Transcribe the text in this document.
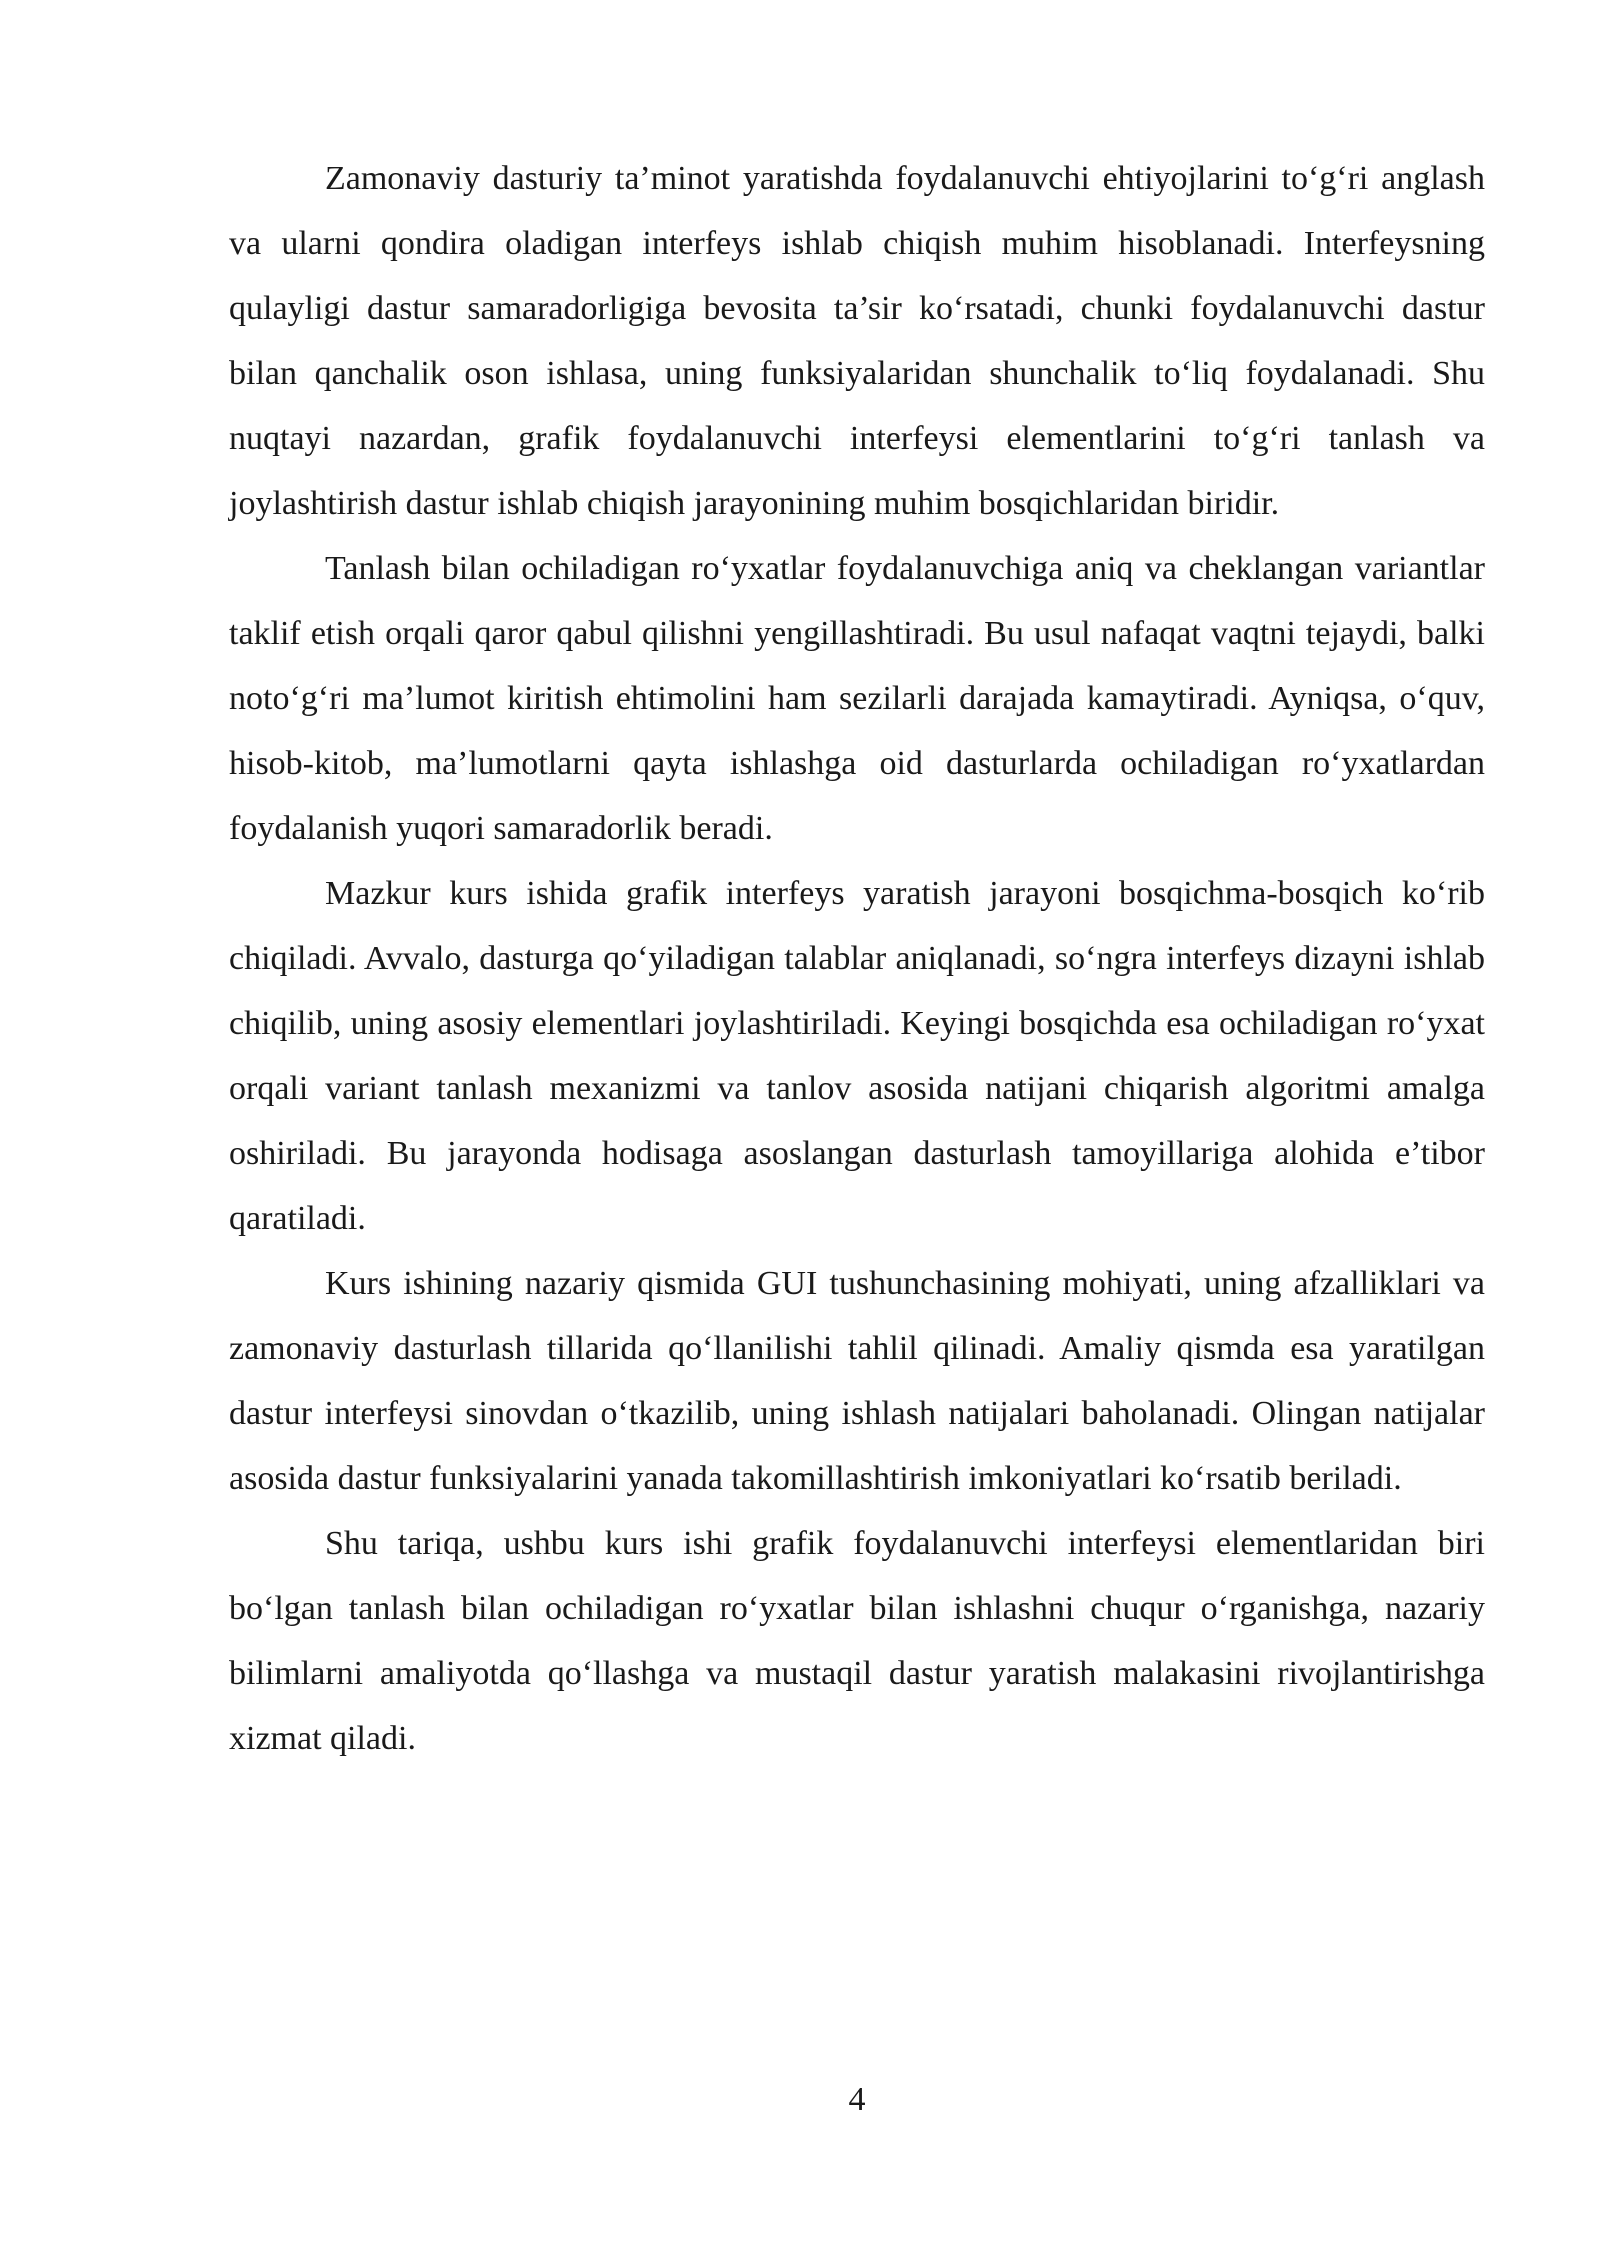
Zamonaviy dasturiy ta’minot yaratishda foydalanuvchi ehtiyojlarini to‘g‘ri anglash va ularni qondira oladigan interfeys ishlab chiqish muhim hisoblanadi. Interfeysning qulayligi dastur samaradorligiga bevosita ta’sir ko‘rsatadi, chunki foydalanuvchi dastur bilan qanchalik oson ishlasa, uning funksiyalaridan shunchalik to‘liq foydalanadi. Shu nuqtayi nazardan, grafik foydalanuvchi interfeysi elementlarini to‘g‘ri tanlash va joylashtirish dastur ishlab chiqish jarayonining muhim bosqichlaridan biridir.

Tanlash bilan ochiladigan ro‘yxatlar foydalanuvchiga aniq va cheklangan variantlar taklif etish orqali qaror qabul qilishni yengillashtiradi. Bu usul nafaqat vaqtni tejaydi, balki noto‘g‘ri ma’lumot kiritish ehtimolini ham sezilarli darajada kamaytiradi. Ayniqsa, o‘quv, hisob-kitob, ma’lumotlarni qayta ishlashga oid dasturlarda ochiladigan ro‘yxatlardan foydalanish yuqori samaradorlik beradi.

Mazkur kurs ishida grafik interfeys yaratish jarayoni bosqichma-bosqich ko‘rib chiqiladi. Avvalo, dasturga qo‘yiladigan talablar aniqlanadi, so‘ngra interfeys dizayni ishlab chiqilib, uning asosiy elementlari joylashtiriladi. Keyingi bosqichda esa ochiladigan ro‘yxat orqali variant tanlash mexanizmi va tanlov asosida natijani chiqarish algoritmi amalga oshiriladi. Bu jarayonda hodisaga asoslangan dasturlash tamoyillariga alohida e’tibor qaratiladi.

Kurs ishining nazariy qismida GUI tushunchasining mohiyati, uning afzalliklari va zamonaviy dasturlash tillarida qo‘llanilishi tahlil qilinadi. Amaliy qismda esa yaratilgan dastur interfeysi sinovdan o‘tkazilib, uning ishlash natijalari baholanadi. Olingan natijalar asosida dastur funksiyalarini yanada takomillashtirish imkoniyatlari ko‘rsatib beriladi.

Shu tariqa, ushbu kurs ishi grafik foydalanuvchi interfeysi elementlaridan biri bo‘lgan tanlash bilan ochiladigan ro‘yxatlar bilan ishlashni chuqur o‘rganishga, nazariy bilimlarni amaliyotda qo‘llashga va mustaqil dastur yaratish malakasini rivojlantirishga xizmat qiladi.

4
